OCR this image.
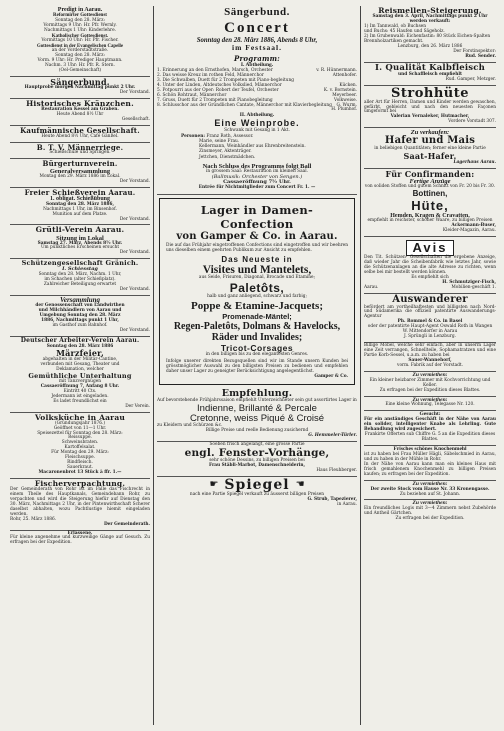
Predigt in Aarau.
Reformirter Gottesdienst
Sonntag den 28. März:
Vormittags 9 Uhr: Hr. Pfr. Wernly.
Nachmittags 1 Uhr: Kinderlehre.
Katholischer Gottesdienst.
Vormittags 10 Uhr: Hr. Pfr. Fischer.
Gottesdienst in der Evangelischen Capelle
an der Vorderstadtstraße.
Sonntag den 28. März:
Vorm. 9 Uhr: Hr. Prediger Hauptmann.
Nachm. 3 Uhr: Hr. Pfr. R. Stern.
(Oel-Gemeinschaft)
Sängerbund.
Hauptprobe morgen Nachmittag punkt 2 Uhr.
Der Vorstand.
Historisches Kränzchen.
Restauration Kessel am Graben.
Heute Abend 8½ Uhr
Gesellschaft.
Kaufmännische Gesellschaft.
Heute Abend 8½ Uhr, Café Gänßel.
B. T. V. Männerriege.
Schießschule und Springen.
Bürgerturnverein.
Generalversammlung
Montag den 29. März 1886 im Lokal.
Der Vorstand.
Freier Schießverein Aarau.
1. obligat. Schießübung
Sonntag den 28. März 1886,
Nachmittags 1 Uhr, im Binsenhof.
Munition auf dem Platze.
Der Vorstand.
Grütli-Verein Aarau.
Sitzung im Lokal
Samstag 27. März, Abends 8½ Uhr.
Um pünktliches Erscheinen ersucht
Der Vorstand.
Schützengesellschaft Gränich.
I. Schiesstag
Sonntag den 28. März, Nachm. 1 Uhr,
im Schachen (alter Schießplatz).
Zahlreicher Beteiligung erwartet
Der Vorstand.
Versammlung
der Genossenschaft von Landwirthen
und Milchhändlern von Aarau und
Umgebung Sonntag den 28. März
1886, Nachmittags punkt 1 Uhr,
im Gasthof zum Bahnhof.
Der Vorstand.
Deutscher Arbeiter-Verein Aarau.
Sonntag den 28. März 1886
Märzfeier,
abgehalten in der Militär-Cantine,
verbunden mit Gesang, Theater und
Deklamation, welcher
Gemüthliche Unterhaltung
mit Tanzvergnügen
Cassaeröffnung 7, Anfang 8 Uhr.
Eintritt 40 Cts.
Jedermann ist eingeladen.
Es ladet freundlichst ein
Der Verein.
Volksküche in Aarau
(Gründungsjahr 1876.)
Geöffnet von 11—1 Uhr.
Speisezettel für Sonntag den 28. März:
Reissuppe.
Schweinsbraten.
Kartoffelsalat.
Für Montag den 29. März:
Fleischsuppe.
Rindfleisch.
Sauerkraut.
Macaronenbrot 13 Stück à ffr. 1.—
Fischerverpachtung.
Der Gemeinderath von Rohr ist im Falle das Fischrecht in einem Theile des Hauptkanals, Gemeindebann Rohr, zu verpachten und wird die Steigerung hiefür auf Dienstag den 30. März, Nachmittags 2 Uhr, in der Pintenwirthschaft Scherer daselbst abhalten, wozu Pachtlustige hiemit eingeladen werden.
Rohr, 25. März 1886.
Der Gemeinderath.
Erlassene.
Für kleine angenehme und kurzweilige Gänge auf Gesuch. Zu erfragen bei der Expedition.
Sängerbund.
Concert
Sonntag den 28. März 1886, Abends 8 Uhr,
im Festsaal.
Programm:
I. Abtheilung.
1. Erinnerung an den Ernsthofen, Marsch, Orchester	v. R. Hünnermann.
2. Das weisse Kreuz im rothen Feld, Männerchor	Attenhofer.
3. Die Schwalben, Duett für 2 Trompeten mit Piano-begleitung
4. Unter der Linden, Altdeutsches Volkslied, Männerchor	Kücken.
5. Potpourri aus der Oper: Robert der Teufel, Orchester	K. v. Bornstein.
6. Schön Rohtraut, Männerchor	Meyerbeer.
7. Gruss, Duett für 2 Trompeten mit Pianobegleitung	Volkweise.
8. Schlusschor aus der Gründlichen Cantate, Männerchor mit Klavierbegleitung	G. Wurm.
H. Plumhof.
II. Abtheilung.
Eine Weinprobe.
Schwank mit Gesang in 1 Akt.
Personen: Franz Roth, Assessor.
Marie, seine Frau.
Kellermann, Weinhändler aus Ehrenbreitenstein.
Zinsmeyer, Aktenträger.
Jettchen, Dienstmädchen.
Nach Schluss des Programms folgt Ball
in grossem Saal: Restauration im kleinen Saal.
(Ballmusik: Orchester von Sengen.)
Cassaeröffnung 7½ Uhr.
Entrée für Nichtmitglieder zum Concert Fr. 1. —
Lager in Damen-Confection
von Gamper & Co. in Aarau.
Die auf das Frühjahr eingetroffenen Confections sind eingetroffen und wir beehren uns dieselben einem geehrten Publikum zur Ansicht zu empfehlen.
Das Neueste in
Visites und Mantelets,
aus Seide, Frisuren, Diagonal, Brocade und Etamine;
Paletôts,
halb und ganz anliegend, schwarz und farbig;
Poppe & Etamine-Jacquets;
Promenade-Mäntel;
Regen-Paletôts, Dolmans & Havelocks,
Räder und Invalides;
Tricot-Corsages
in den billigen bis zu den elegantesten Genres.
Infolge unserer direkten Bezugsquellen sind wir im Stande unsern Kunden bei grösstmöglicher Auswahl zu den billigsten Preisen zu bedienen und empfehlen daher unser Lager zu geneigter Berücksichtigung angelegentlichst.
Gamper & Co.
Empfehlung.
Auf bevorstehende Frühjahrssaison empfiehlt Unterzeichneter sein gut assortirtes Lager in
Indienne, Brillanté & Percale
Cretonne, weiss Piqué & Croisé
zu Kleidern und Schürzen &c.
Billige Preise und reelle Bedienung zusichernd
G. Hemmeler-Türler.
Soeben frisch angelangt, eine grosse Partie
engl. Fenster-Vorhänge,
sehr schöne Dessins, zu billigen Preisen bei
Frau Stäbli-Marbot, Damenschneiderin,
Haus Fleuhberger.
☛ Spiegel ☚
nach eine Partie Spiegel verkauft zu äusserst billigen Preisen
G. Strub, Tapezierer,
in Aarau.
Reismellen-Steigerung.
Samstag den 3. April, Nachmittags punkt 2 Uhr werden verkauft:
1) Im Tannwald, ob Buchsen
und Buchs: 45 Haufen und Sägeholz.
2) Im Grubenwald: Eichenfastin: 80 Stück Eichen-Spalten
Brennholzartiken gemacht.
Lenzburg, den 26. März 1886
Der Forstinspektor:
Rud. Sender.
I. Qualität Kalbfleisch
und Schaffleisch empfiehlt
Rud. Gamper, Metzger.
Strohhüte
aller Art für Herren, Damen und Kinder werden gewaschen, gefärbt, gebleicht und nach den neuesten Façonen umgeformt bei
Valerian Vernaleker, Hutmacher,
Vordere Vorstadt 307.
Zu verkaufen:
Hafer und Mais
in beliebigen Quantitäten; ferner eine kleine Partie
Saat-Hafer.
Lagerhaus Aarau.
Für Confirmanden:
Fertige Anzüge
von soliden Stoffen und gutem Schnitt von Fr. 20 bis Fr. 30.
Bottinen,
Hüte,
Hemden, Kragen & Cravatten,
empfiehlt in reichster, schöner Waare, zu billigen Preisen
Ackermann-Buser,
Kleider-Magazin, Aarau.
Avis
Den Tit. Schützen- Gesellschaften die ergebene Anzeige, daß wieder Jahr die Scheibenfabrik wie letztes Jahr, sowie die Schützenanlagen an die alte Adresse zu richten, wenn selbe bei mir bestellt werden können.
Es empfiehlt sich
H. Schmutziger-Fisch,
Aarau.	Mobilien-geschäft 1.
Auswanderer
befördert am vortheilhaftesten und billigsten nach Nord- und Südamerika die offiziell patentirte Auswanderungs-Agentur
Ph. Rommel & Co. in Basel
oder der patentirte Haupt-Agent Oswald Roth in Wangen
W. Mittendorfer in Aarau
J. Sprüngli in Lenzburg.
Billige Möbel, welche sehr einfach, aber in unserm Lager eine Zeit verrangen, Schnellteile, Sophamatratzen und eine Partie Korb-Sessel, u.a.m. zu haben bei
Sauer-Wannehorf,
vorm. Fabrik auf der Vorstadt.
Zu vermiethen:
Ein kleiner heizbarer Zimmer mit Kochvorrichtung und Keller.
Zu erfragen bei der Expedition dieses Blattes.
Zu vermiethen:
Eine kleine Wohnung, Telegasse Nr. 120.
Gesucht:
Für ein anständiges Geschäft in der Nähe von Aarau ein solider, intelligenter Knabe als Lehrling. Gute Behandlung wird zugesichert.
Frankirte Offerten sub Chiffre G. 5 an die Expedition dieses Blattes.
Frisches schönes Knochenmehl
ist zu haben bei Frau Müller Hägli, Säbelschmied in Aarau, und zu haben in der Mühle in Rohr.
In der Nähe von Aarau kann man ein kleines Haus mit frisch gemahlenem Knochenmehl zu billigen Preisen kaufen; zu erfragen bei der Expedition.
Zu vermiethen:
Der zweite Stock vom Hause Nr. 33 Kronengasse.
Zu beziehen auf St. Johann.
Zu vermiethen:
Ein freundliches Logis mit 3—4 Zimmern nebst Zubehörde und Antheil Gärtchen.
Zu erfragen bei der Expedition.
